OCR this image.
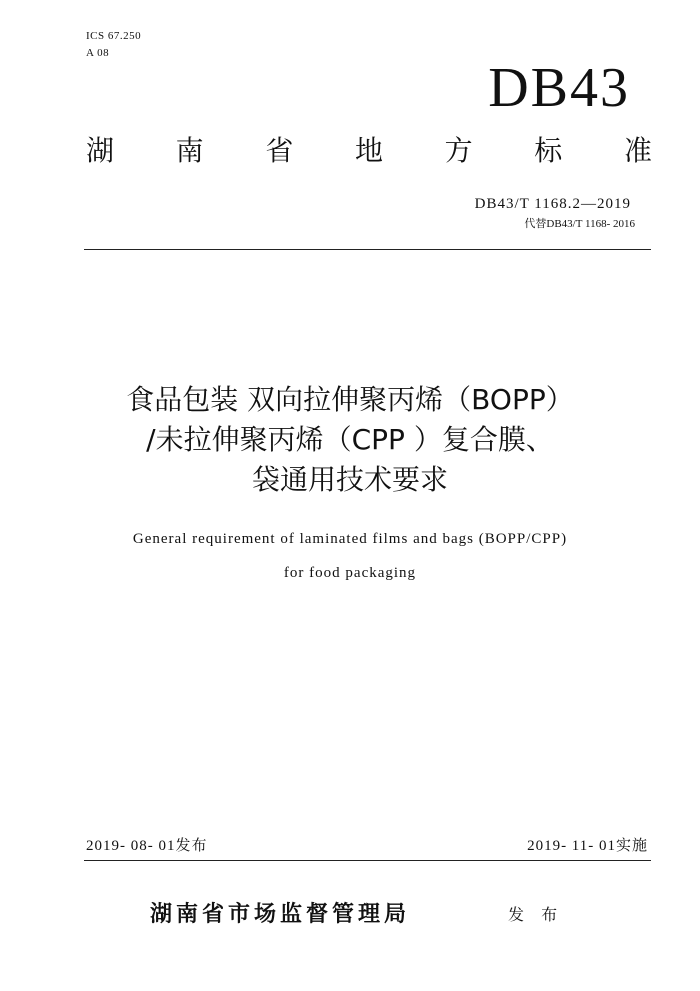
ICS 67.250
A 08
DB43
湖 南 省 地 方 标 准
DB43/T 1168.2—2019
代替DB43/T 1168- 2016
食品包装 双向拉伸聚丙烯（BOPP）
/未拉伸聚丙烯（CPP ）复合膜、
袋通用技术要求
General requirement of laminated films and bags (BOPP/CPP)
for food packaging
2019- 08- 01发布	2019- 11- 01实施
湖南省市场监督管理局	发 布
